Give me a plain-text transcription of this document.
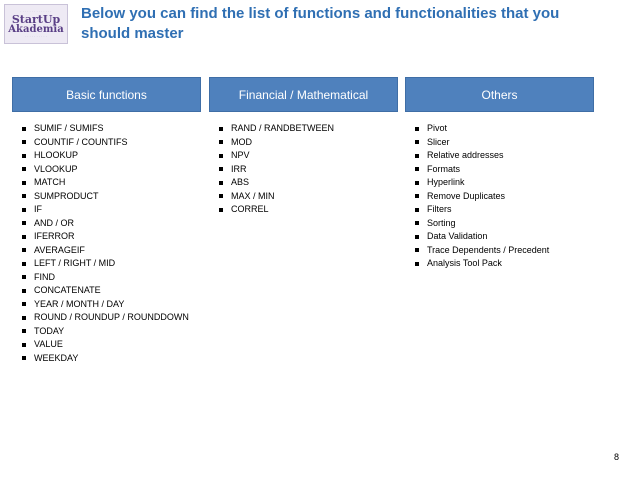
· · · · · · · · · · · · · ·
StartUp
Akademia
· · · · · · · · · ·
Below you can find the list of functions and functionalities that you should master
Basic functions
SUMIF / SUMIFS
COUNTIF / COUNTIFS
HLOOKUP
VLOOKUP
MATCH
SUMPRODUCT
IF
AND / OR
IFERROR
AVERAGEIF
LEFT / RIGHT / MID
FIND
CONCATENATE
YEAR / MONTH / DAY
ROUND / ROUNDUP / ROUNDDOWN
TODAY
VALUE
WEEKDAY
Financial / Mathematical
RAND / RANDBETWEEN
MOD
NPV
IRR
ABS
MAX / MIN
CORREL
Others
Pivot
Slicer
Relative addresses
Formats
Hyperlink
Remove Duplicates
Filters
Sorting
Data Validation
Trace Dependents / Precedent
Analysis Tool Pack
8
